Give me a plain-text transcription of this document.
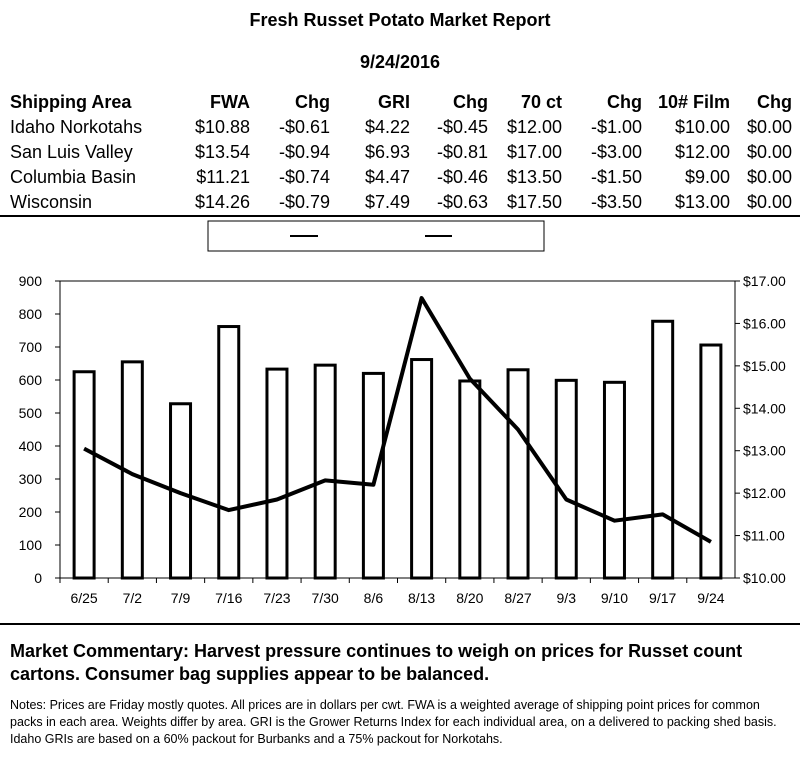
Fresh Russet Potato Market Report
9/24/2016
Shipping Area	FWA	Chg	GRI	Chg	70 ct	Chg	10# Film	Chg
Idaho Norkotahs	$10.88	-$0.61	$4.22	-$0.45	$12.00	-$1.00	$10.00	$0.00
San Luis Valley	$13.54	-$0.94	$6.93	-$0.81	$17.00	-$3.00	$12.00	$0.00
Columbia Basin	$11.21	-$0.74	$4.47	-$0.46	$13.50	-$1.50	$9.00	$0.00
Wisconsin	$14.26	-$0.79	$7.49	-$0.63	$17.50	-$3.50	$13.00	$0.00
0
100
200
300
400
500
600
700
800
900
$10.00
$11.00
$12.00
$13.00
$14.00
$15.00
$16.00
$17.00
6/25 7/2 7/9 7/16 7/23 7/30 8/6 8/13 8/20 8/27 9/3 9/10 9/17 9/24
Market Commentary: Harvest pressure continues to weigh on prices for Russet count cartons. Consumer bag supplies appear to be balanced.
Notes: Prices are Friday mostly quotes. All prices are in dollars per cwt. FWA is a weighted average of shipping point prices for common packs in each area. Weights differ by area. GRI is the Grower Returns Index for each individual area, on a delivered to packing shed basis. Idaho GRIs are based on a 60% packout for Burbanks and a 75% packout for Norkotahs.
